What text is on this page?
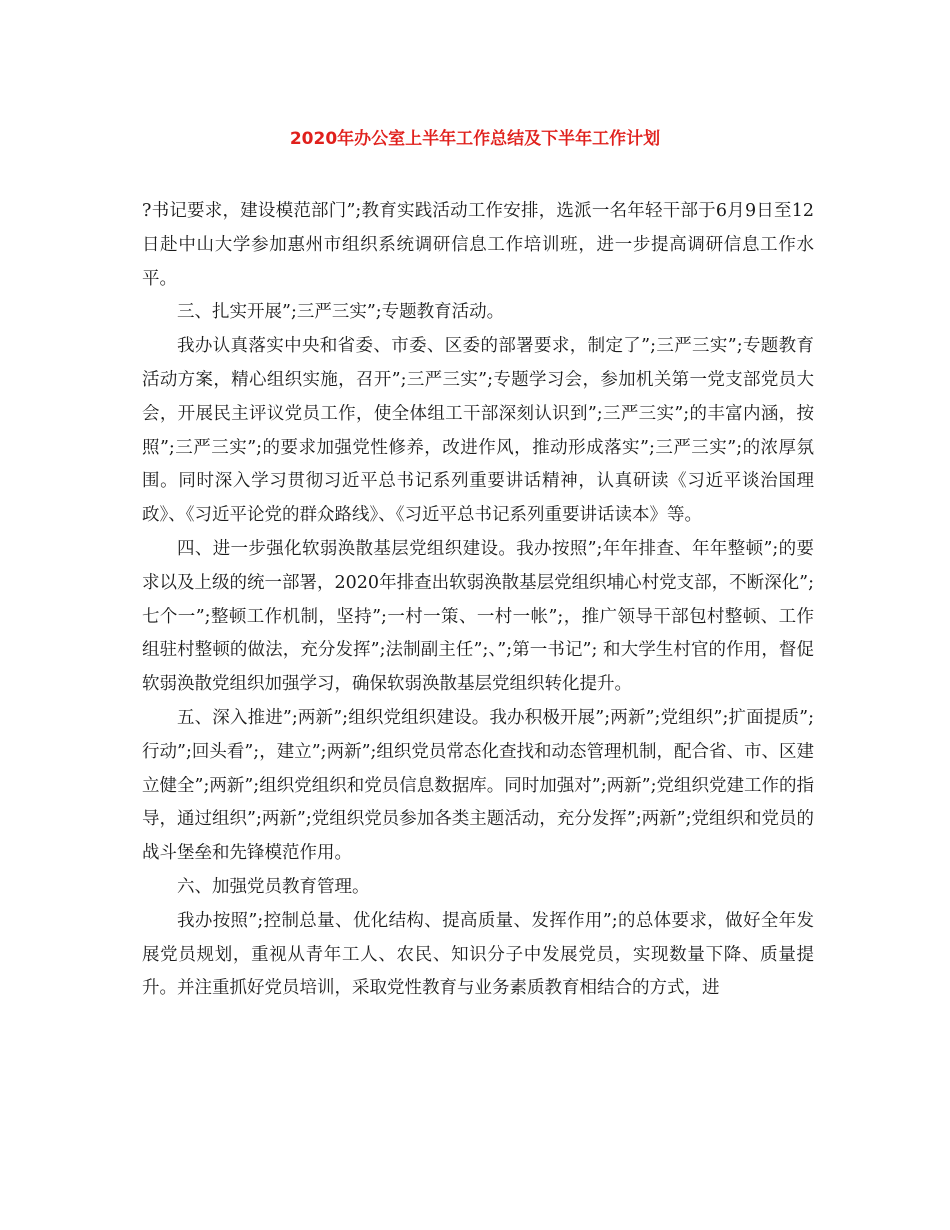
2020年办公室上半年工作总结及下半年工作计划

?书记要求，建设模范部门”;教育实践活动工作安排，选派一名年轻干部于6月9日至12日赴中山大学参加惠州市组织系统调研信息工作培训班，进一步提高调研信息工作水平。

三、扎实开展”;三严三实”;专题教育活动。

我办认真落实中央和省委、市委、区委的部署要求，制定了”;三严三实”;专题教育活动方案，精心组织实施，召开”;三严三实”;专题学习会，参加机关第一党支部党员大会，开展民主评议党员工作，使全体组工干部深刻认识到”;三严三实”;的丰富内涵，按照”;三严三实”;的要求加强党性修养，改进作风，推动形成落实”;三严三实”;的浓厚氛围。同时深入学习贯彻习近平总书记系列重要讲话精神，认真研读《习近平谈治国理政》、《习近平论党的群众路线》、《习近平总书记系列重要讲话读本》等。

四、进一步强化软弱涣散基层党组织建设。我办按照”;年年排查、年年整顿”;的要求以及上级的统一部署，2020年排查出软弱涣散基层党组织埔心村党支部，不断深化”;七个一”;整顿工作机制，坚持”;一村一策、一村一帐”;，推广领导干部包村整顿、工作组驻村整顿的做法，充分发挥”;法制副主任”;、”;第一书记”; 和大学生村官的作用，督促软弱涣散党组织加强学习，确保软弱涣散基层党组织转化提升。

五、深入推进”;两新”;组织党组织建设。我办积极开展”;两新”;党组织”;扩面提质”;行动”;回头看”;，建立”;两新”;组织党员常态化查找和动态管理机制，配合省、市、区建立健全”;两新”;组织党组织和党员信息数据库。同时加强对”;两新”;党组织党建工作的指导，通过组织”;两新”;党组织党员参加各类主题活动，充分发挥”;两新”;党组织和党员的战斗堡垒和先锋模范作用。

六、加强党员教育管理。

我办按照”;控制总量、优化结构、提高质量、发挥作用”;的总体要求，做好全年发展党员规划，重视从青年工人、农民、知识分子中发展党员，实现数量下降、质量提升。并注重抓好党员培训，采取党性教育与业务素质教育相结合的方式，进
